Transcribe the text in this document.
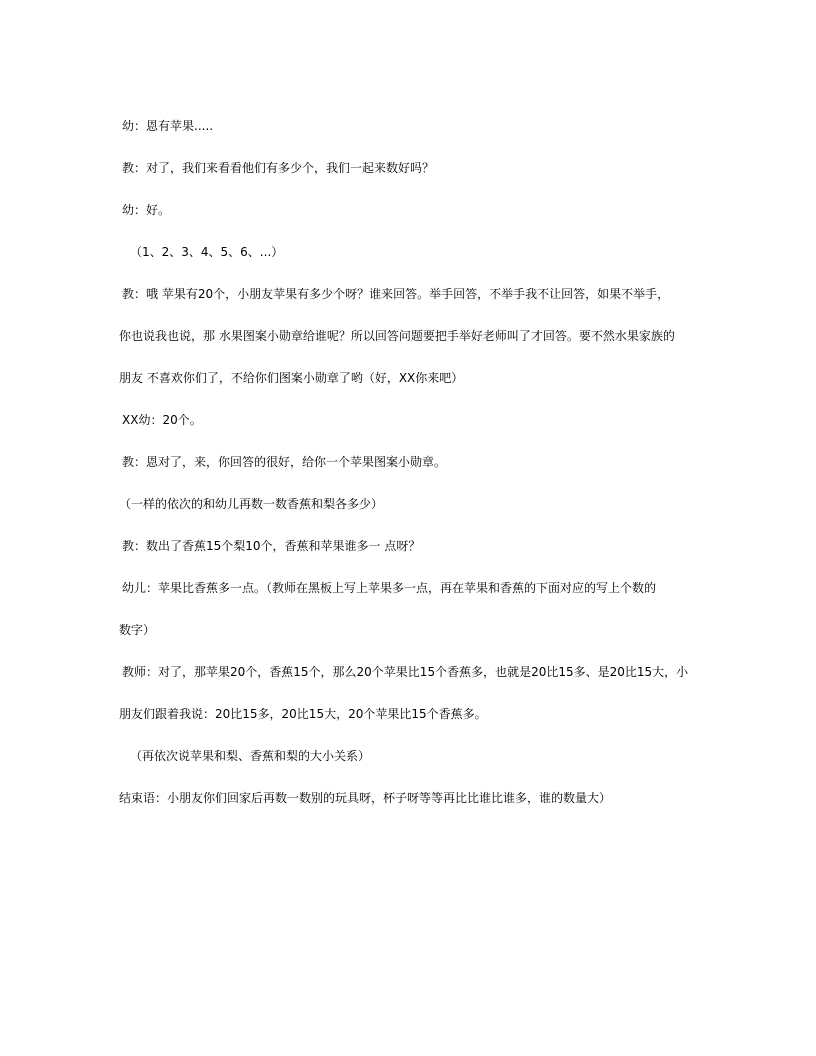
幼：恩有苹果.....
教：对了，我们来看看他们有多少个，我们一起来数好吗？
幼：好。
（1、2、3、4、5、6、...）
教：哦 苹果有20个，小朋友苹果有多少个呀？谁来回答。举手回答，不举手我不让回答，如果不举手，
你也说我也说，那 水果图案小勋章给谁呢？所以回答问题要把手举好老师叫了才回答。要不然水果家族的
朋友 不喜欢你们了，不给你们图案小勋章了哟（好，XX你来吧）
XX幼：20个。
教：恩对了，来，你回答的很好，给你一个苹果图案小勋章。
（一样的依次的和幼儿再数一数香蕉和梨各多少）
教：数出了香蕉15个梨10个，香蕉和苹果谁多一 点呀？
幼儿：苹果比香蕉多一点。（教师在黑板上写上苹果多一点，再在苹果和香蕉的下面对应的写上个数的
数字）
教师：对了，那苹果20个，香蕉15个，那么20个苹果比15个香蕉多，也就是20比15多、是20比15大，小
朋友们跟着我说：20比15多，20比15大，20个苹果比15个香蕉多。
（再依次说苹果和梨、香蕉和梨的大小关系）
结束语：小朋友你们回家后再数一数别的玩具呀，杯子呀等等再比比谁比谁多，谁的数量大）
